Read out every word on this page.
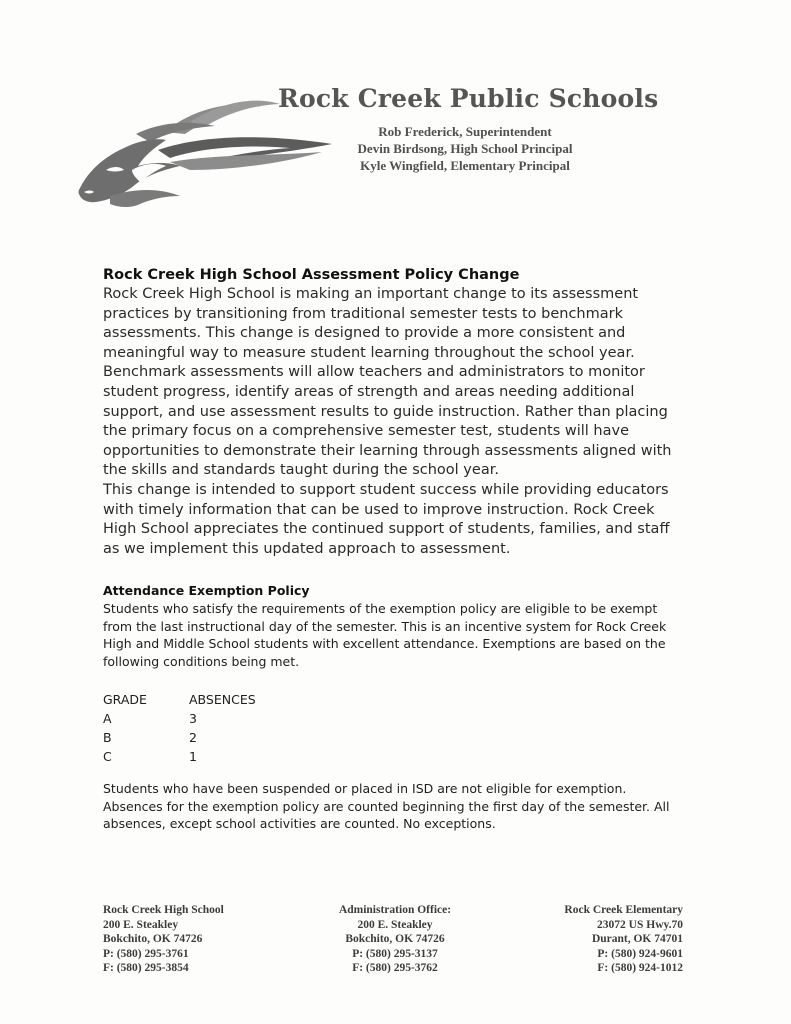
Rock Creek Public Schools
Rob Frederick, Superintendent
Devin Birdsong, High School Principal
Kyle Wingfield, Elementary Principal
Rock Creek High School Assessment Policy Change

Rock Creek High School is making an important change to its assessment practices by transitioning from traditional semester tests to benchmark assessments. This change is designed to provide a more consistent and meaningful way to measure student learning throughout the school year.

Benchmark assessments will allow teachers and administrators to monitor student progress, identify areas of strength and areas needing additional support, and use assessment results to guide instruction. Rather than placing the primary focus on a comprehensive semester test, students will have opportunities to demonstrate their learning through assessments aligned with the skills and standards taught during the school year.

This change is intended to support student success while providing educators with timely information that can be used to improve instruction. Rock Creek High School appreciates the continued support of students, families, and staff as we implement this updated approach to assessment.

Attendance Exemption Policy

Students who satisfy the requirements of the exemption policy are eligible to be exempt from the last instructional day of the semester. This is an incentive system for Rock Creek High and Middle School students with excellent attendance. Exemptions are based on the following conditions being met.

GRADE	ABSENCES
A	3
B	2
C	1

Students who have been suspended or placed in ISD are not eligible for exemption. Absences for the exemption policy are counted beginning the first day of the semester. All absences, except school activities are counted. No exceptions.

Rock Creek High School
200 E. Steakley
Bokchito, OK 74726
P: (580) 295-3761
F: (580) 295-3854
Administration Office:
200 E. Steakley
Bokchito, OK 74726
P: (580) 295-3137
F: (580) 295-3762
Rock Creek Elementary
23072 US Hwy.70
Durant, OK 74701
P: (580) 924-9601
F: (580) 924-1012
